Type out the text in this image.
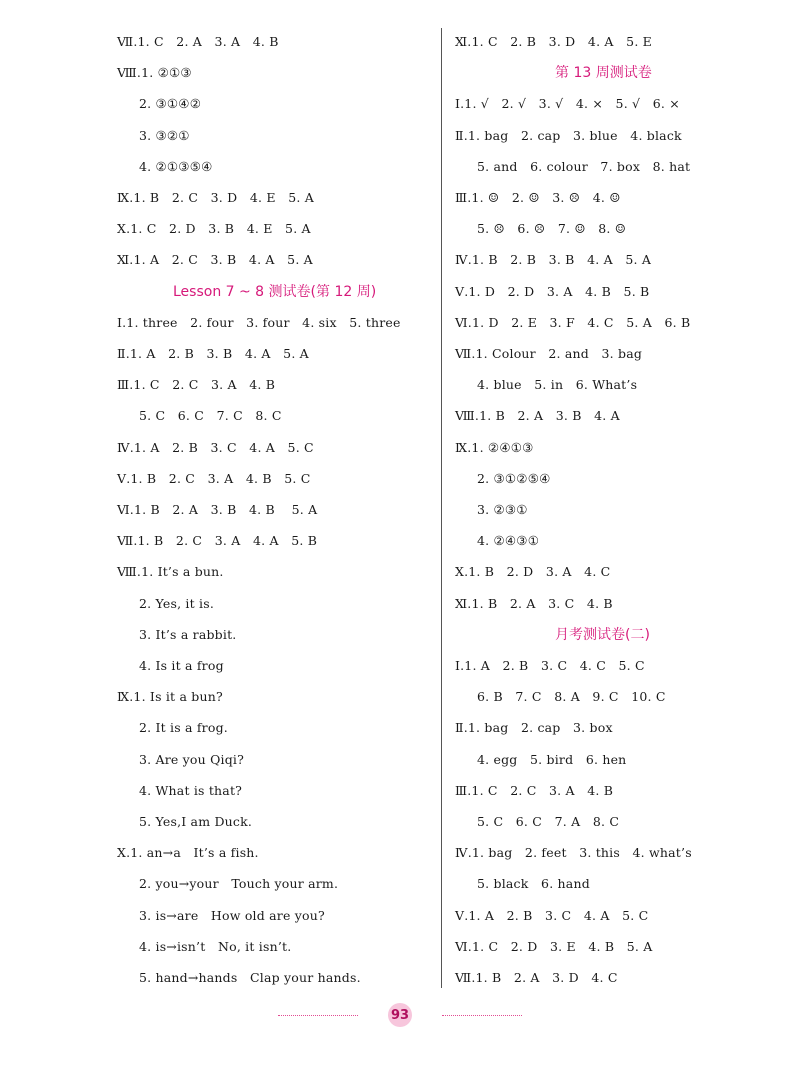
Ⅶ.1. C   2. A   3. A   4. B
Ⅷ.1. ②①③
2. ③①④②
3. ③②①
4. ②①③⑤④
Ⅸ.1. B   2. C   3. D   4. E   5. A
Ⅹ.1. C   2. D   3. B   4. E   5. A
Ⅺ.1. A   2. C   3. B   4. A   5. A
Lesson 7 ~ 8 测试卷(第 12 周)
Ⅰ.1. three   2. four   3. four   4. six   5. three
Ⅱ.1. A   2. B   3. B   4. A   5. A
Ⅲ.1. C   2. C   3. A   4. B
5. C   6. C   7. C   8. C
Ⅳ.1. A   2. B   3. C   4. A   5. C
Ⅴ.1. B   2. C   3. A   4. B   5. C
Ⅵ.1. B   2. A   3. B   4. B    5. A
Ⅶ.1. B   2. C   3. A   4. A   5. B
Ⅷ.1. It’s a bun.
2. Yes, it is.
3. It’s a rabbit.
4. Is it a frog
Ⅸ.1. Is it a bun?
2. It is a frog.
3. Are you Qiqi?
4. What is that?
5. Yes,I am Duck.
Ⅹ.1. an→a   It’s a fish.
2. you→your   Touch your arm.
3. is→are   How old are you?
4. is→isn’t   No, it isn’t.
5. hand→hands   Clap your hands.
Ⅺ.1. C   2. B   3. D   4. A   5. E
第 13 周测试卷
Ⅰ.1. √   2. √   3. √   4. ×   5. √   6. ×
Ⅱ.1. bag   2. cap   3. blue   4. black
5. and   6. colour   7. box   8. hat
Ⅲ.1. ☺   2. ☺   3. ☹   4. ☺
5. ☹   6. ☹   7. ☺   8. ☺
Ⅳ.1. B   2. B   3. B   4. A   5. A
Ⅴ.1. D   2. D   3. A   4. B   5. B
Ⅵ.1. D   2. E   3. F   4. C   5. A   6. B
Ⅶ.1. Colour   2. and   3. bag
4. blue   5. in   6. What’s
Ⅷ.1. B   2. A   3. B   4. A
Ⅸ.1. ②④①③
2. ③①②⑤④
3. ②③①
4. ②④③①
Ⅹ.1. B   2. D   3. A   4. C
Ⅺ.1. B   2. A   3. C   4. B
月考测试卷(二)
Ⅰ.1. A   2. B   3. C   4. C   5. C
6. B   7. C   8. A   9. C   10. C
Ⅱ.1. bag   2. cap   3. box
4. egg   5. bird   6. hen
Ⅲ.1. C   2. C   3. A   4. B
5. C   6. C   7. A   8. C
Ⅳ.1. bag   2. feet   3. this   4. what’s
5. black   6. hand
Ⅴ.1. A   2. B   3. C   4. A   5. C
Ⅵ.1. C   2. D   3. E   4. B   5. A
Ⅶ.1. B   2. A   3. D   4. C
93
